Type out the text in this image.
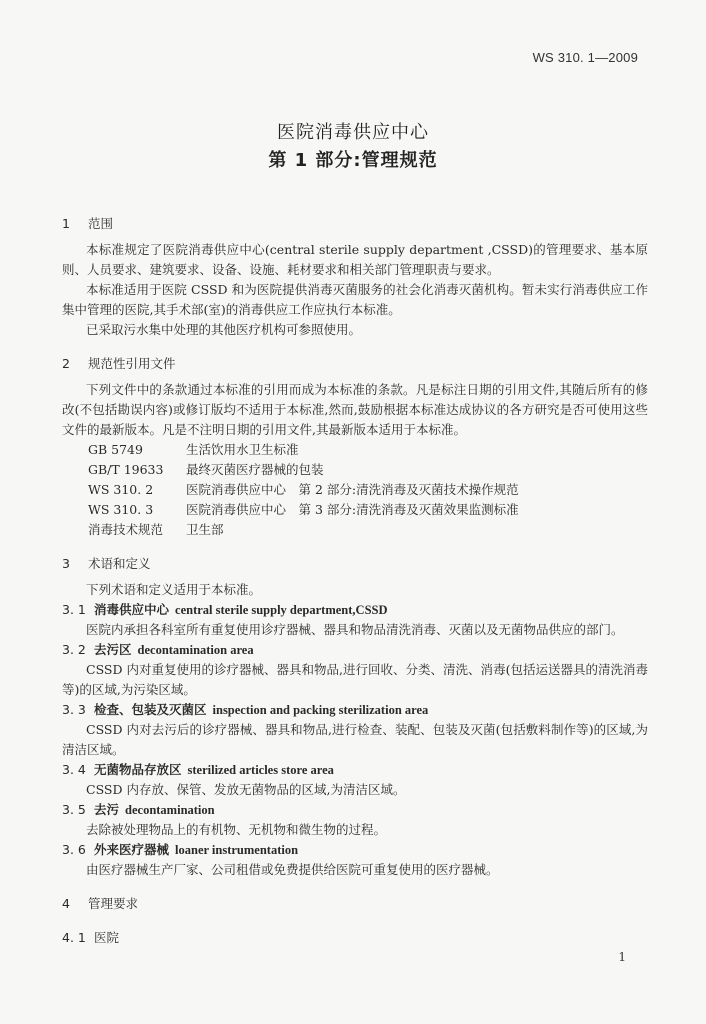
WS 310. 1—2009
医院消毒供应中心
第 1 部分:管理规范
1	范围

本标准规定了医院消毒供应中心(central sterile supply department ,CSSD)的管理要求、基本原则、人员要求、建筑要求、设备、设施、耗材要求和相关部门管理职责与要求。

本标准适用于医院 CSSD 和为医院提供消毒灭菌服务的社会化消毒灭菌机构。暂未实行消毒供应工作集中管理的医院,其手术部(室)的消毒供应工作应执行本标准。

已采取污水集中处理的其他医疗机构可参照使用。

2	规范性引用文件

下列文件中的条款通过本标准的引用而成为本标准的条款。凡是标注日期的引用文件,其随后所有的修改(不包括勘误内容)或修订版均不适用于本标准,然而,鼓励根据本标准达成协议的各方研究是否可使用这些文件的最新版本。凡是不注明日期的引用文件,其最新版本适用于本标准。

GB 5749	生活饮用水卫生标准
GB/T 19633	最终灭菌医疗器械的包装
WS 310. 2	医院消毒供应中心　第 2 部分:清洗消毒及灭菌技术操作规范
WS 310. 3	医院消毒供应中心　第 3 部分:清洗消毒及灭菌效果监测标准
消毒技术规范	卫生部
3	术语和定义

下列术语和定义适用于本标准。

3. 1 消毒供应中心 central sterile supply department,CSSD

医院内承担各科室所有重复使用诊疗器械、器具和物品清洗消毒、灭菌以及无菌物品供应的部门。

3. 2 去污区 decontamination area

CSSD 内对重复使用的诊疗器械、器具和物品,进行回收、分类、清洗、消毒(包括运送器具的清洗消毒等)的区域,为污染区域。

3. 3 检查、包装及灭菌区 inspection and packing sterilization area

CSSD 内对去污后的诊疗器械、器具和物品,进行检查、装配、包装及灭菌(包括敷料制作等)的区域,为清洁区域。

3. 4 无菌物品存放区 sterilized articles store area

CSSD 内存放、保管、发放无菌物品的区域,为清洁区域。

3. 5 去污 decontamination

去除被处理物品上的有机物、无机物和微生物的过程。

3. 6 外来医疗器械 loaner instrumentation

由医疗器械生产厂家、公司租借或免费提供给医院可重复使用的医疗器械。

4	管理要求
4. 1 医院
1
